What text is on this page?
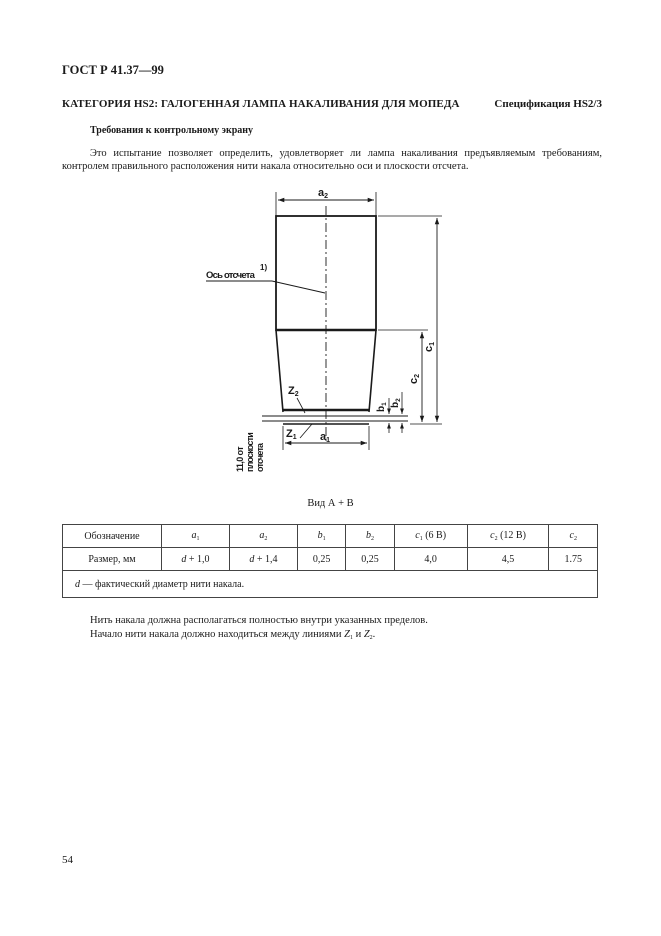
ГОСТ Р 41.37—99
КАТЕГОРИЯ HS2: ГАЛОГЕННАЯ ЛАМПА НАКАЛИВАНИЯ ДЛЯ МОПЕДА	Спецификация HS2/3
Требования к контрольному экрану
Это испытание позволяет определить, удовлетворяет ли лампа накаливания предъявляемым требованиям, контролем правильного расположения нити накала относительно оси и плоскости отсчета.
Ось отсчета
1)
a2
a1
Z2
Z1
c1
c2
$b_1$ $b_2$
11,0 от плоскости отсчета
Вид А + В
Обозначение	$a_1$	$a_2$	$b_1$	$b_2$	$c_1$ (6 В)	$c_2$ (12 В)	$c_2$
Размер, мм	d + 1,0	d + 1,4	0,25	0,25	4,0	4,5	1.75
d — фактический диаметр нити накала.							
Нить накала должна располагаться полностью внутри указанных пределов.
Начало нити накала должно находиться между линиями Z1 и Z2.
54
